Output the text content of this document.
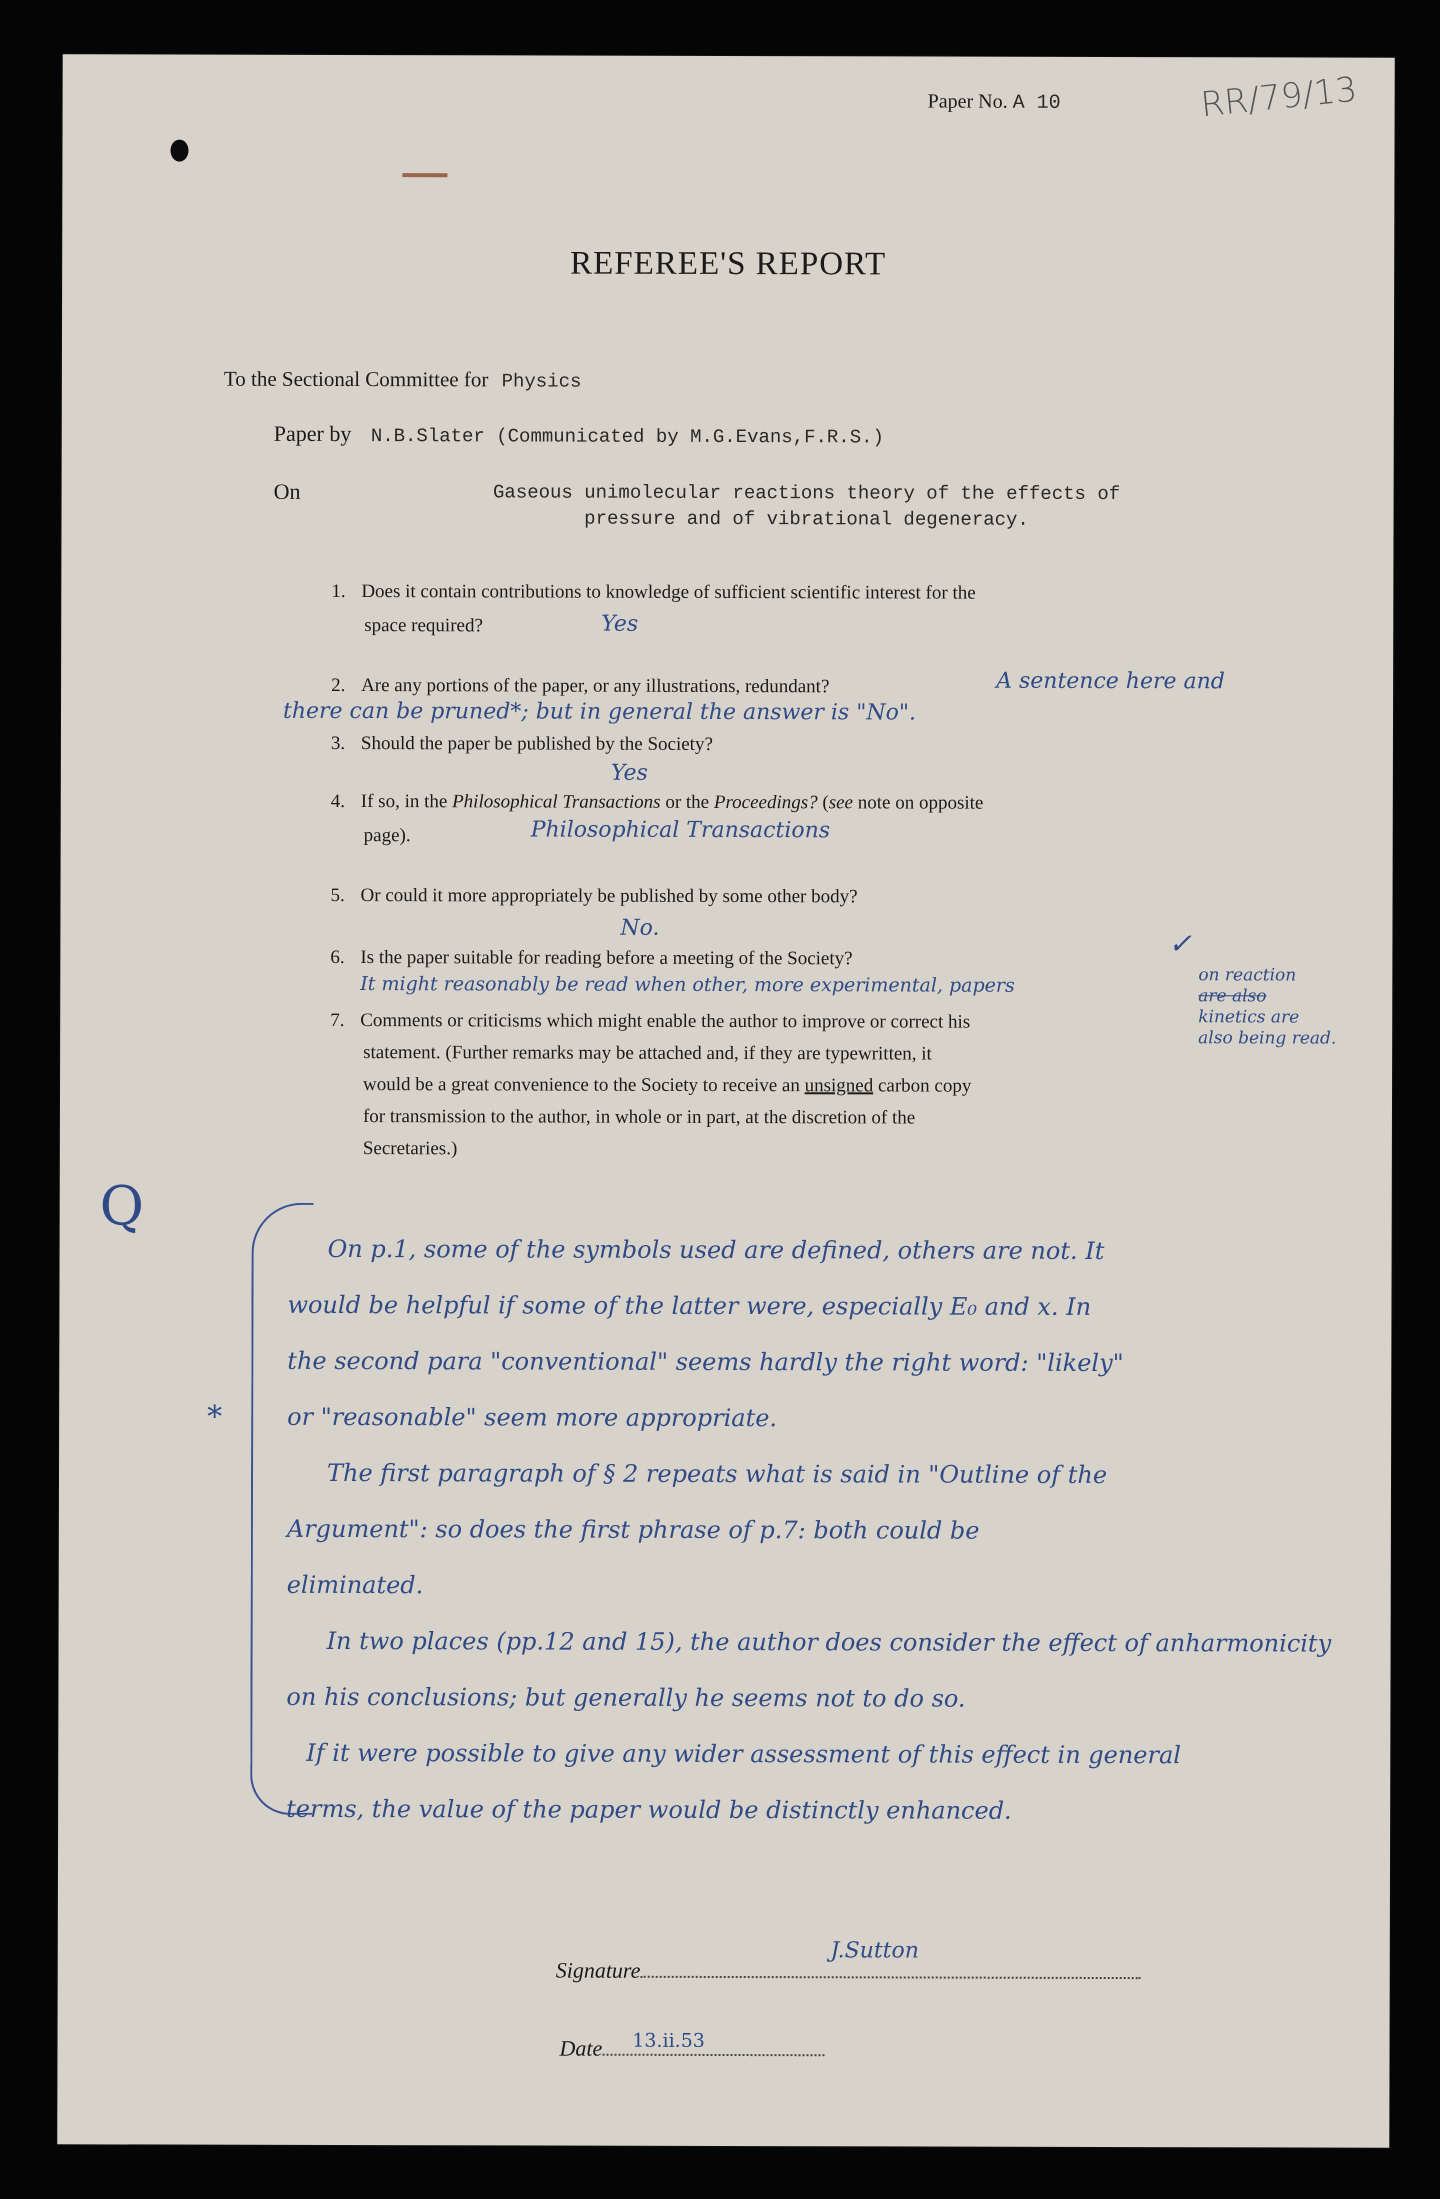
RR/79/13
Paper No. A 10
REFEREE'S REPORT
To the Sectional Committee for Physics
Paper by N.B.Slater (Communicated by M.G.Evans,F.R.S.)
On	Gaseous unimolecular reactions theory of the effects of
pressure and of vibrational degeneracy.
1. Does it contain contributions to knowledge of sufficient scientific interest for the
space required?	Yes
2. Are any portions of the paper, or any illustrations, redundant?	A sentence here and
there can be pruned*; but in general the answer is "No".
3. Should the paper be published by the Society?
Yes
4. If so, in the Philosophical Transactions or the Proceedings? (see note on opposite
page).	Philosophical Transactions
5. Or could it more appropriately be published by some other body?
No.
6. Is the paper suitable for reading before a meeting of the Society?	✓
It might reasonably be read when other, more experimental, papers	on reaction
are also
kinetics are
also being read.
7. Comments or criticisms which might enable the author to improve or correct his
statement. (Further remarks may be attached and, if they are typewritten, it
would be a great convenience to the Society to receive an unsigned carbon copy
for transmission to the author, in whole or in part, at the discretion of the
Secretaries.)
Q
*
On p.1, some of the symbols used are defined, others are not. It
would be helpful if some of the latter were, especially E₀ and x. In
the second para "conventional" seems hardly the right word: "likely"
or "reasonable" seem more appropriate.
The first paragraph of § 2 repeats what is said in "Outline of the
Argument": so does the first phrase of p.7: both could be
eliminated.
In two places (pp.12 and 15), the author does consider the effect of anharmonicity
on his conclusions; but generally he seems not to do so.
If it were possible to give any wider assessment of this effect in general
terms, the value of the paper would be distinctly enhanced.
Signature
J.Sutton
Date 13.ii.53
